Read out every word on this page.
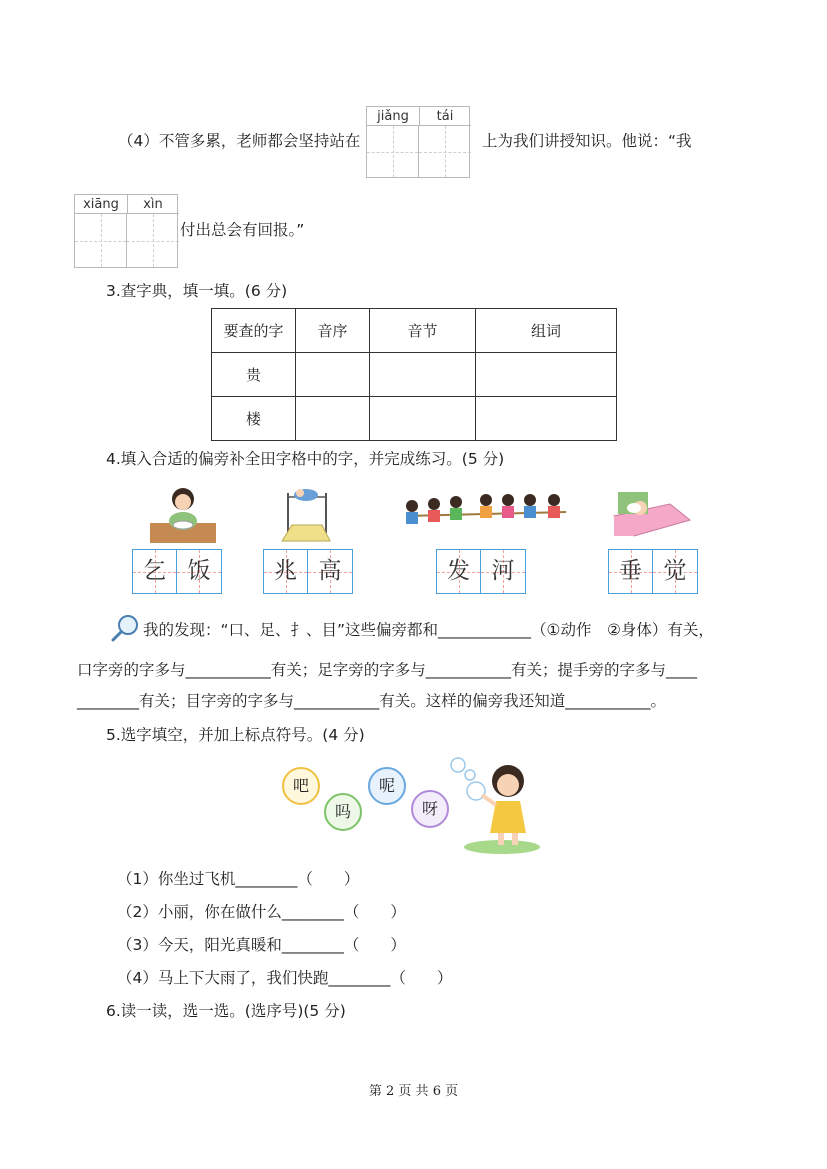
（4）不管多累，老师都会坚持站在
jiǎng	tái
上为我们讲授知识。他说：“我
xiāng	xìn
付出总会有回报。”
3.查字典，填一填。(6 分)
要查的字	音序	音节	组词
贵			
楼			
4.填入合适的偏旁补全田字格中的字，并完成练习。(5 分)
乞 饭	兆 高	发 河	垂 觉
我的发现：“口、足、扌、目”这些偏旁都和____________（①动作　②身体）有关，
口字旁的字多与___________有关；足字旁的字多与___________有关；提手旁的字多与____
________有关；目字旁的字多与___________有关。这样的偏旁我还知道___________。
5.选字填空，并加上标点符号。(4 分)
吧
吗
呢
呀
（1）你坐过飞机________（　　）
（2）小丽，你在做什么________（　　）
（3）今天，阳光真暖和________（　　）
（4）马上下大雨了，我们快跑________（　　）
6.读一读，选一选。(选序号)(5 分)
第 2 页 共 6 页
